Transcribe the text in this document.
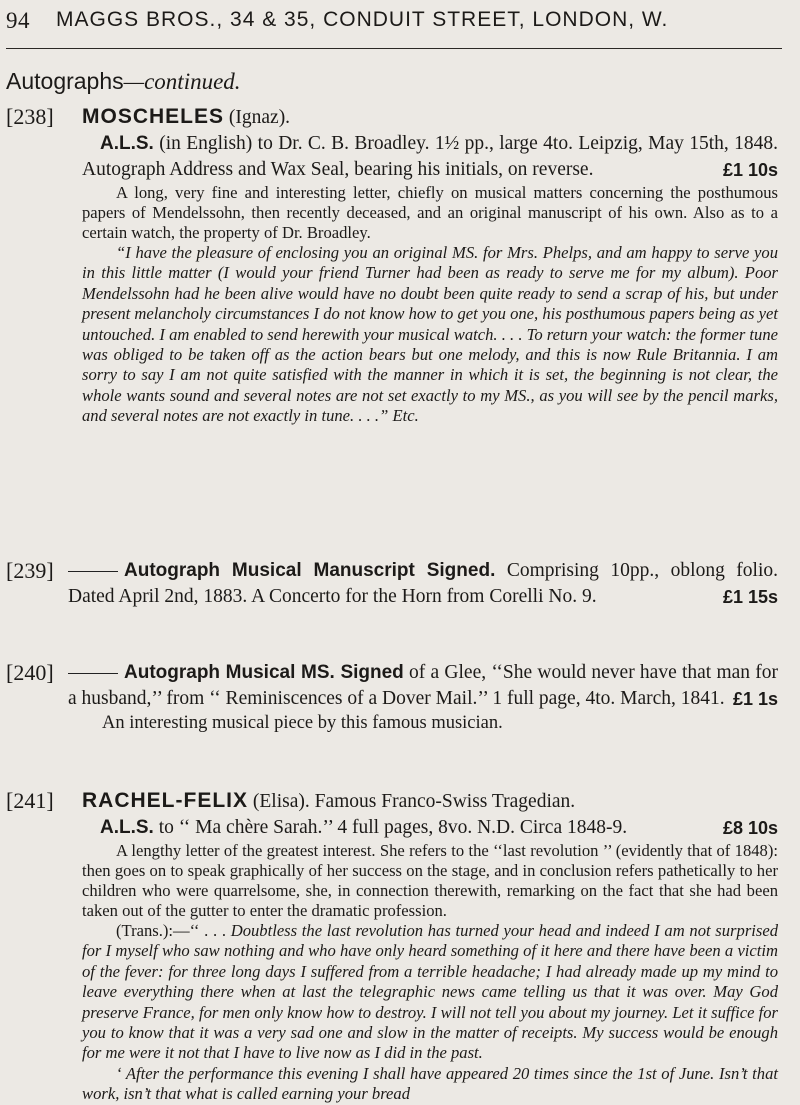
94 MAGGS BROS., 34 & 35, CONDUIT STREET, LONDON, W.
Autographs—continued.
[238] MOSCHELES (Ignaz).
A.L.S. (in English) to Dr. C. B. Broadley. 1½ pp., large 4to. Leipzig, May 15th, 1848. Autograph Address and Wax Seal, bearing his initials, on reverse.	£1 10s

A long, very fine and interesting letter, chiefly on musical matters concerning the posthumous papers of Mendelssohn, then recently deceased, and an original manuscript of his own. Also as to a certain watch, the property of Dr. Broadley.

“I have the pleasure of enclosing you an original MS. for Mrs. Phelps, and am happy to serve you in this little matter (I would your friend Turner had been as ready to serve me for my album). Poor Mendelssohn had he been alive would have no doubt been quite ready to send a scrap of his, but under present melancholy circumstances I do not know how to get you one, his posthumous papers being as yet untouched. I am enabled to send herewith your musical watch. . . . To return your watch: the former tune was obliged to be taken off as the action bears but one melody, and this is now Rule Britannia. I am sorry to say I am not quite satisfied with the manner in which it is set, the beginning is not clear, the whole wants sound and several notes are not set exactly to my MS., as you will see by the pencil marks, and several notes are not exactly in tune. . . .” Etc.

[239]	Autograph Musical Manuscript Signed. Comprising 10pp., oblong folio. Dated April 2nd, 1883. A Concerto for the Horn from Corelli No. 9.	£1 15s
[240]	Autograph Musical MS. Signed of a Glee, ‘‘She would never have that man for a husband,’’ from ‘‘ Reminiscences of a Dover Mail.’’ 1 full page, 4to. March, 1841. £1 1s

An interesting musical piece by this famous musician.

[241] RACHEL-FELIX (Elisa). Famous Franco-Swiss Tragedian.
A.L.S. to ‘‘ Ma chère Sarah.’’ 4 full pages, 8vo. N.D. Circa 1848-9.	£8 10s

A lengthy letter of the greatest interest. She refers to the ‘‘last revolution ’’ (evidently that of 1848): then goes on to speak graphically of her success on the stage, and in conclusion refers pathetically to her children who were quarrelsome, she, in connection therewith, remarking on the fact that she had been taken out of the gutter to enter the dramatic profession.

(Trans.):—‘‘ . . . Doubtless the last revolution has turned your head and indeed I am not surprised for I myself who saw nothing and who have only heard something of it here and there have been a victim of the fever: for three long days I suffered from a terrible headache; I had already made up my mind to leave everything there when at last the telegraphic news came telling us that it was over. May God preserve France, for men only know how to destroy. I will not tell you about my journey. Let it suffice for you to know that it was a very sad one and slow in the matter of receipts. My success would be enough for me were it not that I have to live now as I did in the past.

‘ After the performance this evening I shall have appeared 20 times since the 1st of June. Isn’t that work, isn’t that what is called earning your bread
